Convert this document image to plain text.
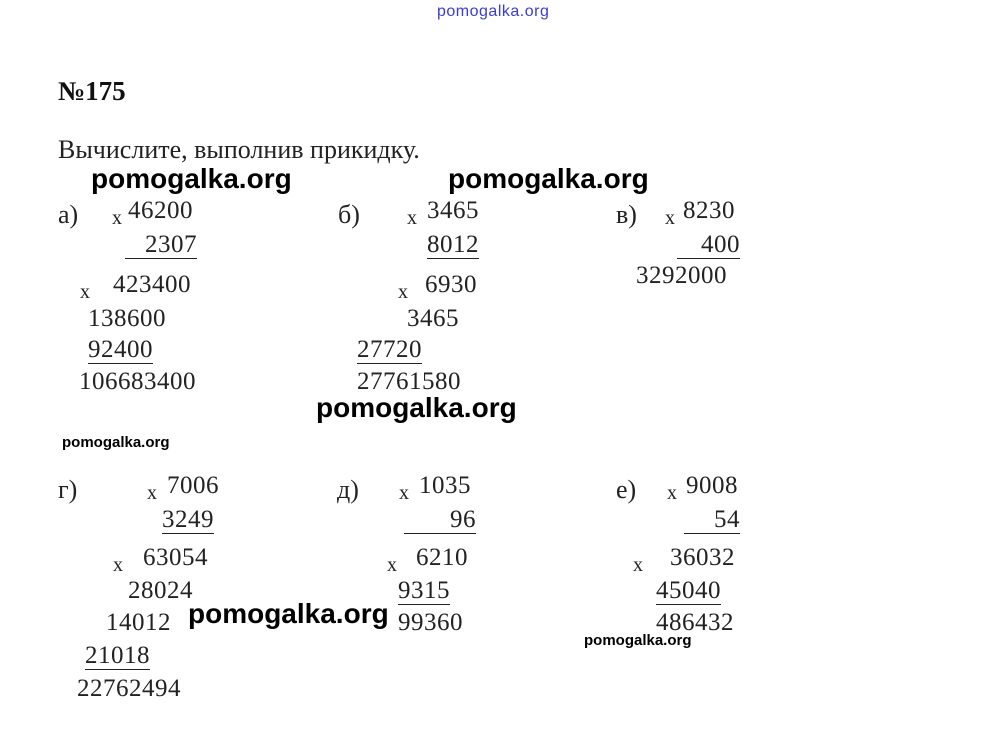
pomogalka.org
№175
Вычислите, выполнив прикидку.
pomogalka.org	pomogalka.org
pomogalka.org
pomogalka.org
pomogalka.org
pomogalka.org
а) х 46200
2307
х 423400
138600
92400
106683400
б) х 3465
8012
х 6930
3465
27720
27761580
в) х 8230
400
3292000
г)	х 7006
3249
х 63054
28024
14012
21018
22762494
д) х 1035
96
х 6210
9315
99360
е) х 9008
54
х 36032
45040
486432
